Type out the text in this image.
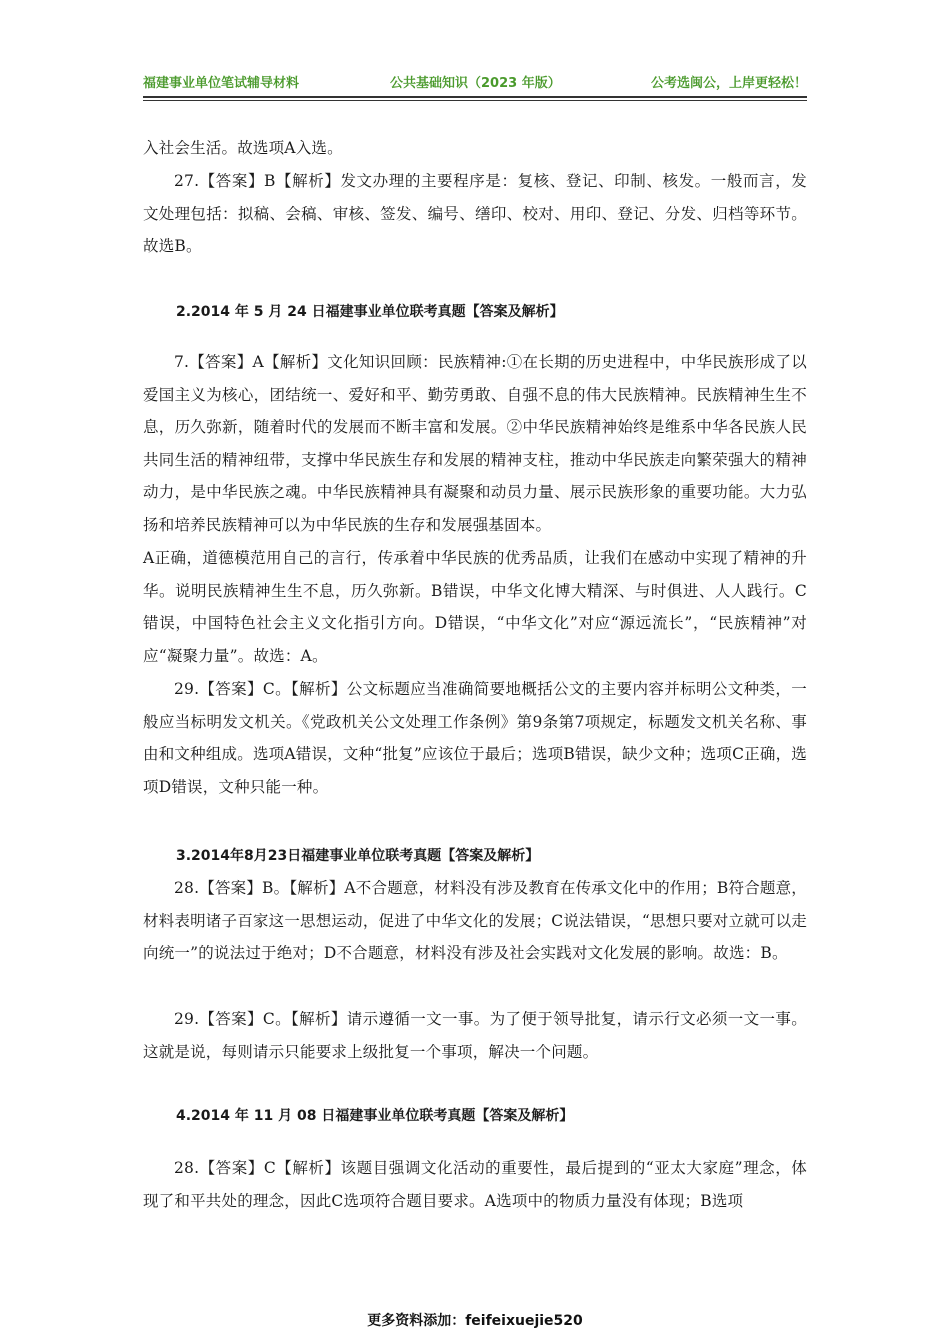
福建事业单位笔试辅导材料	公共基础知识（2023 年版）	公考选闽公，上岸更轻松！

入社会生活。故选项A入选。

27.【答案】B【解析】发文办理的主要程序是：复核、登记、印制、核发。一般而言，发文处理包括：拟稿、会稿、审核、签发、编号、缮印、校对、用印、登记、分发、归档等环节。故选B。

2.2014 年 5 月 24 日福建事业单位联考真题【答案及解析】

7.【答案】A【解析】文化知识回顾：民族精神:①在长期的历史进程中，中华民族形成了以爱国主义为核心，团结统一、爱好和平、勤劳勇敢、自强不息的伟大民族精神。民族精神生生不息，历久弥新，随着时代的发展而不断丰富和发展。②中华民族精神始终是维系中华各民族人民共同生活的精神纽带，支撑中华民族生存和发展的精神支柱，推动中华民族走向繁荣强大的精神动力，是中华民族之魂。中华民族精神具有凝聚和动员力量、展示民族形象的重要功能。大力弘扬和培养民族精神可以为中华民族的生存和发展强基固本。

A正确，道德模范用自己的言行，传承着中华民族的优秀品质，让我们在感动中实现了精神的升华。说明民族精神生生不息，历久弥新。B错误，中华文化博大精深、与时俱进、人人践行。C错误，中国特色社会主义文化指引方向。D错误，“中华文化”对应“源远流长”，“民族精神”对应“凝聚力量”。故选：A。

29.【答案】C。【解析】公文标题应当准确简要地概括公文的主要内容并标明公文种类，一般应当标明发文机关。《党政机关公文处理工作条例》第9条第7项规定，标题发文机关名称、事由和文种组成。选项A错误，文种“批复”应该位于最后；选项B错误，缺少文种；选项C正确，选项D错误，文种只能一种。

3.2014年8月23日福建事业单位联考真题【答案及解析】

28.【答案】B。【解析】A不合题意，材料没有涉及教育在传承文化中的作用；B符合题意，材料表明诸子百家这一思想运动，促进了中华文化的发展；C说法错误，“思想只要对立就可以走向统一”的说法过于绝对；D不合题意，材料没有涉及社会实践对文化发展的影响。故选：B。

29.【答案】C。【解析】请示遵循一文一事。为了便于领导批复，请示行文必须一文一事。这就是说，每则请示只能要求上级批复一个事项，解决一个问题。

4.2014 年 11 月 08 日福建事业单位联考真题【答案及解析】

28.【答案】C【解析】该题目强调文化活动的重要性，最后提到的“亚太大家庭”理念，体现了和平共处的理念，因此C选项符合题目要求。A选项中的物质力量没有体现；B选项

更多资料添加：feifeixuejie520
